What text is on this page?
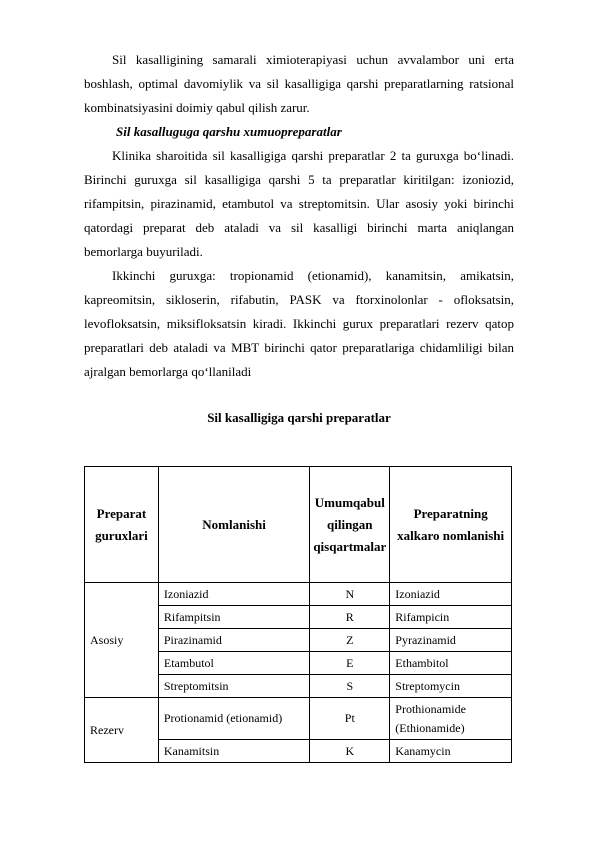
Sil kasalligining samarali ximioterapiyasi uchun avvalambor uni erta boshlash, optimal davomiylik va sil kasalligiga qarshi preparatlarning ratsional kombinatsiyasini doimiy qabul qilish zarur.

Sil kasalluguga qarshu xumuopreparatlar

Klinika sharoitida sil kasalligiga qarshi preparatlar 2 ta guruxga bo‘linadi. Birinchi guruxga sil kasalligiga qarshi 5 ta preparatlar kiritilgan: izoniozid, rifampitsin, pirazinamid, etambutol va streptomitsin. Ular asosiy yoki birinchi qatordagi preparat deb ataladi va sil kasalligi birinchi marta aniqlangan bemorlarga buyuriladi.

Ikkinchi guruxga: tropionamid (etionamid), kanamitsin, amikatsin, kapreomitsin, sikloserin, rifabutin, PASK va ftorxinolonlar - ofloksatsin, levofloksatsin, miksifloksatsin kiradi. Ikkinchi gurux preparatlari rezerv qatop preparatlari deb ataladi va MBT birinchi qator preparatlariga chidamliligi bilan ajralgan bemorlarga qo‘llaniladi

Sil kasalligiga qarshi preparatlar
Preparat guruxlari	Nomlanishi	Umumqabul qilingan qisqartmalar	Preparatning xalkaro nomlanishi
Asosiy	Izoniazid	N	Izoniazid
	Rifampitsin	R	Rifampicin
	Pirazinamid	Z	Pyrazinamid
	Etambutol	E	Ethambitol
	Streptomitsin	S	Streptomycin
Rezerv	Protionamid (etionamid)	Pt	Prothionamide (Ethionamide)
	Kanamitsin	K	Kanamycin
